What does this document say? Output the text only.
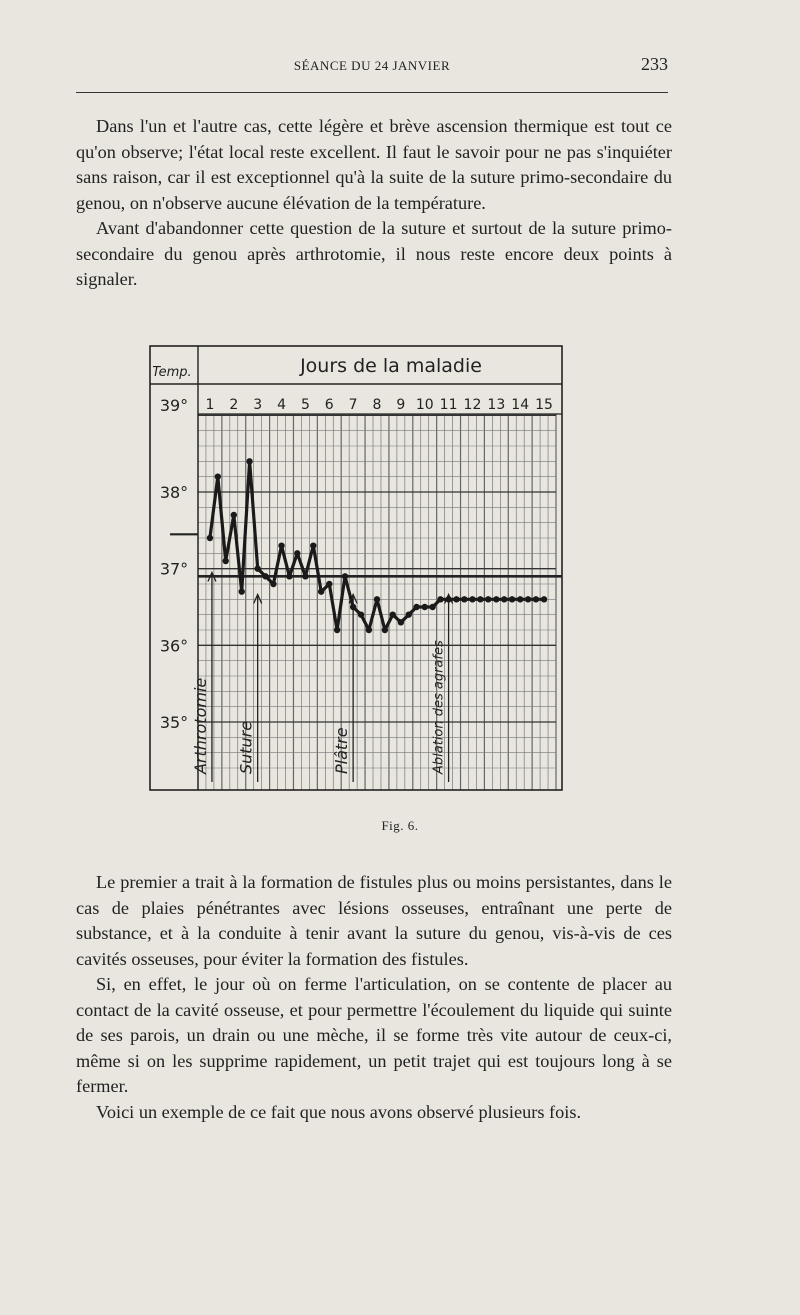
SÉANCE DU 24 JANVIER	233

Dans l'un et l'autre cas, cette légère et brève ascension thermique est tout ce qu'on observe; l'état local reste excellent. Il faut le savoir pour ne pas s'inquiéter sans raison, car il est exceptionnel qu'à la suite de la suture primo-secondaire du genou, on n'observe aucune élévation de la température.

Avant d'abandonner cette question de la suture et surtout de la suture primo-secondaire du genou après arthrotomie, il nous reste encore deux points à signaler.

Jours de la maladie
Temp.
1 2 3 4 5 6 7 8 9 10 11 12 13 14 15
39°
38°
37°
36°
35° Arthrotomie Suture	Plâtre	Ablation des agrafes
Fig. 6.

Le premier a trait à la formation de fistules plus ou moins persistantes, dans le cas de plaies pénétrantes avec lésions osseuses, entraînant une perte de substance, et à la conduite à tenir avant la suture du genou, vis-à-vis de ces cavités osseuses, pour éviter la formation des fistules.

Si, en effet, le jour où on ferme l'articulation, on se contente de placer au contact de la cavité osseuse, et pour permettre l'écoulement du liquide qui suinte de ses parois, un drain ou une mèche, il se forme très vite autour de ceux-ci, même si on les supprime rapidement, un petit trajet qui est toujours long à se fermer.

Voici un exemple de ce fait que nous avons observé plusieurs fois.
